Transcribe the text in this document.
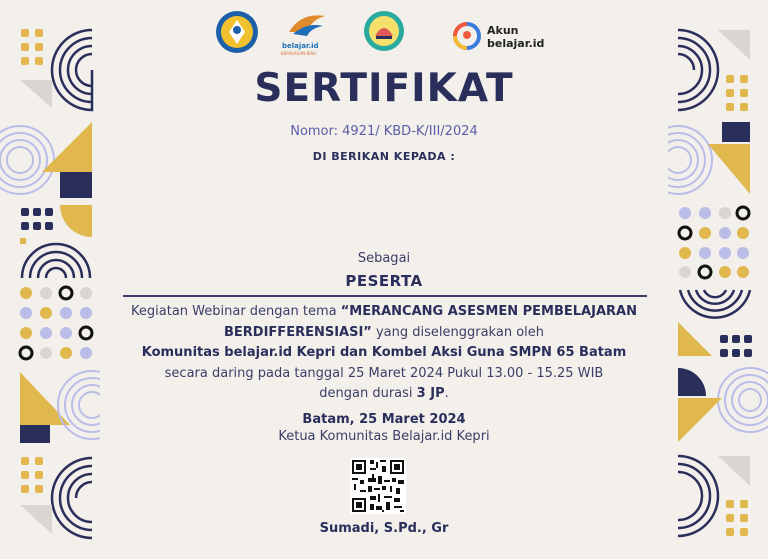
belajar.id
KEPULAUAN RIAU
Akun
belajar.id
SERTIFIKAT
Nomor: 4921/ KBD-K/III/2024
DI BERIKAN KEPADA :
Sebagai
PESERTA
Kegiatan Webinar dengan tema “MERANCANG ASESMEN PEMBELAJARAN BERDIFFERENSIASI” yang diselenggrakan oleh
Komunitas belajar.id Kepri dan Kombel Aksi Guna SMPN 65 Batam
secara daring pada tanggal 25 Maret 2024 Pukul 13.00 - 15.25 WIB
dengan durasi 3 JP.
Batam, 25 Maret 2024
Ketua Komunitas Belajar.id Kepri
Sumadi, S.Pd., Gr
